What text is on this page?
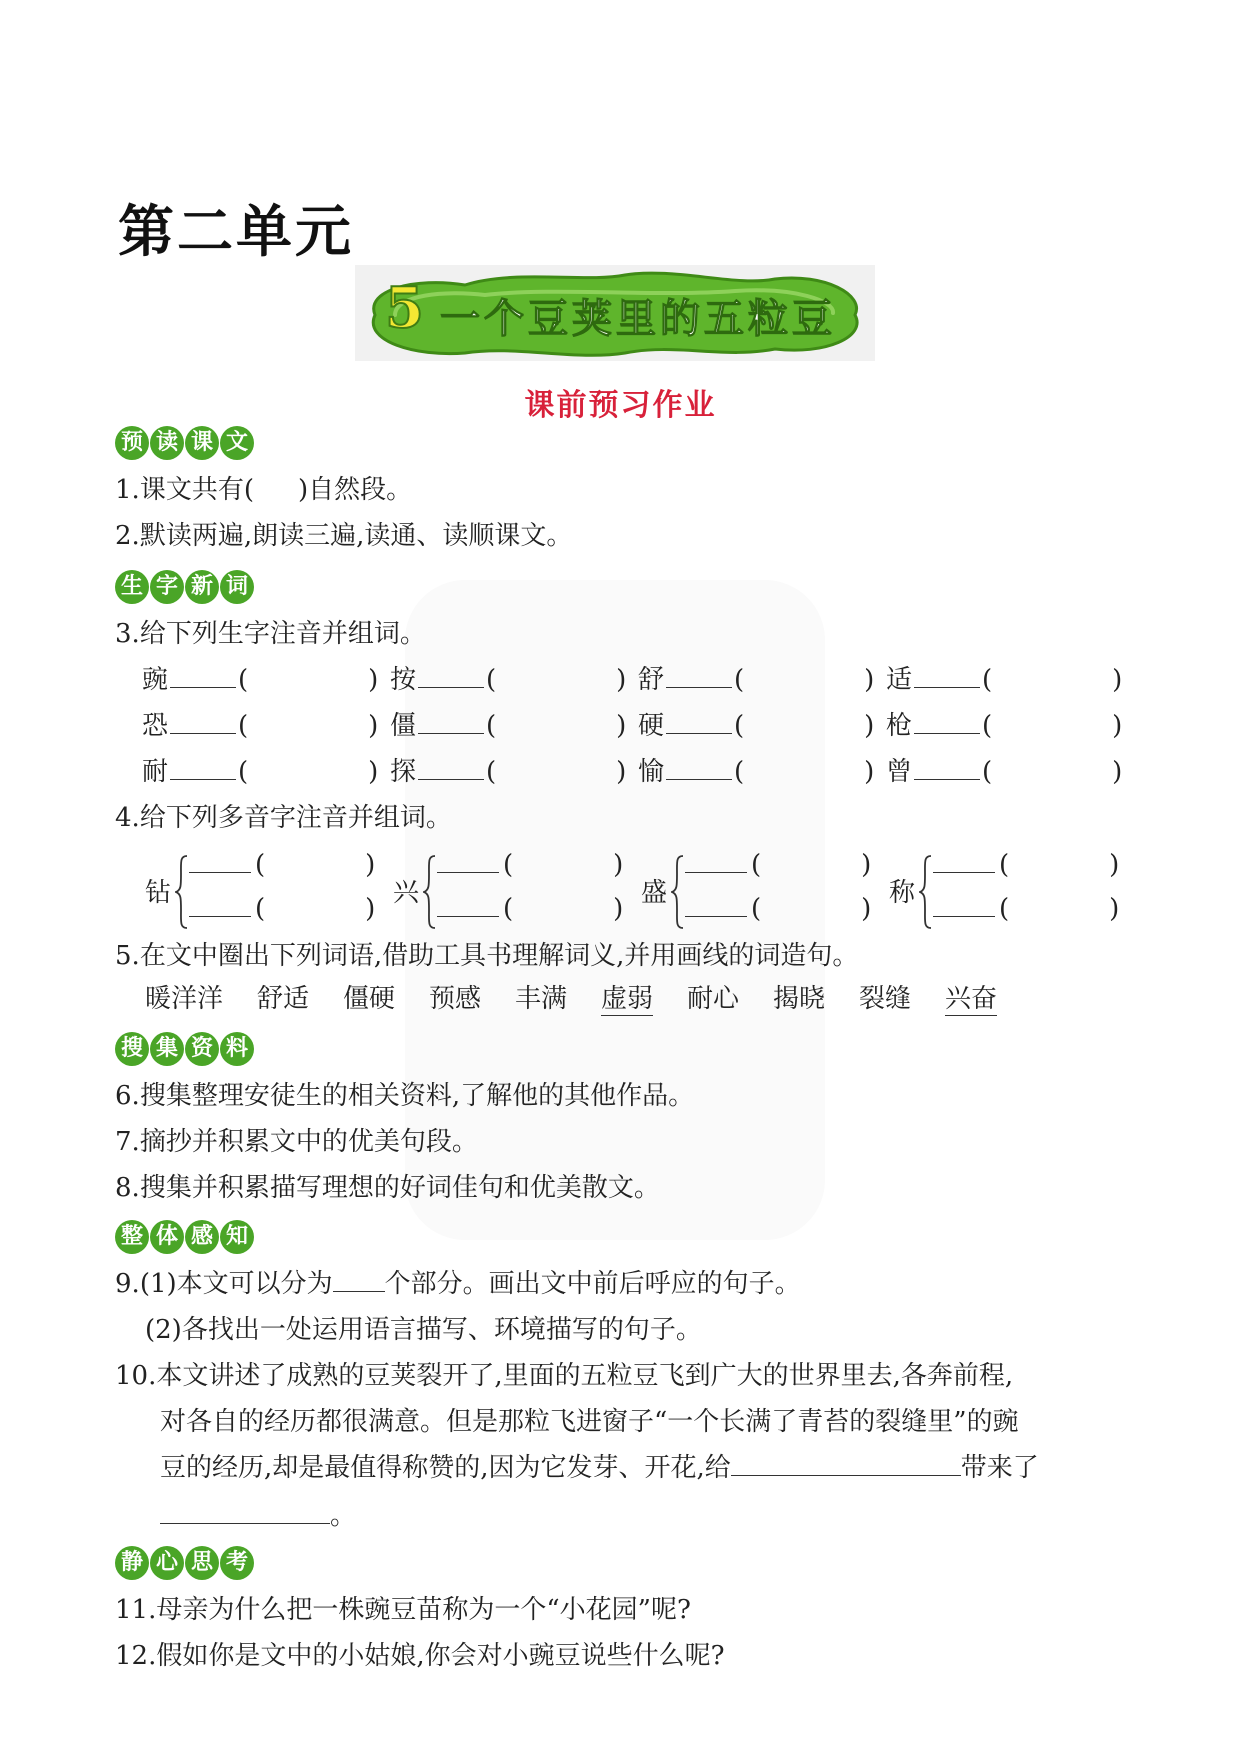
第二单元
5 一个豆荚里的五粒豆
课前预习作业
预 读 课 文

1.课文共有( )自然段。

2.默读两遍,朗读三遍,读通、读顺课文。

生 字 新 词

3.给下列生字注音并组词。

豌	(	) 按	(	) 舒	(	) 适	(	)
恐	(	) 僵	(	) 硬	(	) 枪	(	)
耐	(	) 探	(	) 愉	(	) 曾	(	)

4.给下列多音字注音并组词。

钻
(	)
(	)
兴
(	)
(	)
盛
(	)
(	)
称
(	)
(	)

5.在文中圈出下列词语,借助工具书理解词义,并用画线的词造句。

暖洋洋 舒适 僵硬 预感 丰满 虚弱 耐心 揭晓 裂缝 兴奋
搜 集 资 料

6.搜集整理安徒生的相关资料,了解他的其他作品。

7.摘抄并积累文中的优美句段。

8.搜集并积累描写理想的好词佳句和优美散文。

整 体 感 知

9.(1)本文可以分为 个部分。画出文中前后呼应的句子。

(2)各找出一处运用语言描写、环境描写的句子。

10.本文讲述了成熟的豆荚裂开了,里面的五粒豆飞到广大的世界里去,各奔前程,

对各自的经历都很满意。但是那粒飞进窗子“一个长满了青苔的裂缝里”的豌

豆的经历,却是最值得称赞的,因为它发芽、开花,给	带来了

。

静 心 思 考

11.母亲为什么把一株豌豆苗称为一个“小花园”呢?

12.假如你是文中的小姑娘,你会对小豌豆说些什么呢?
